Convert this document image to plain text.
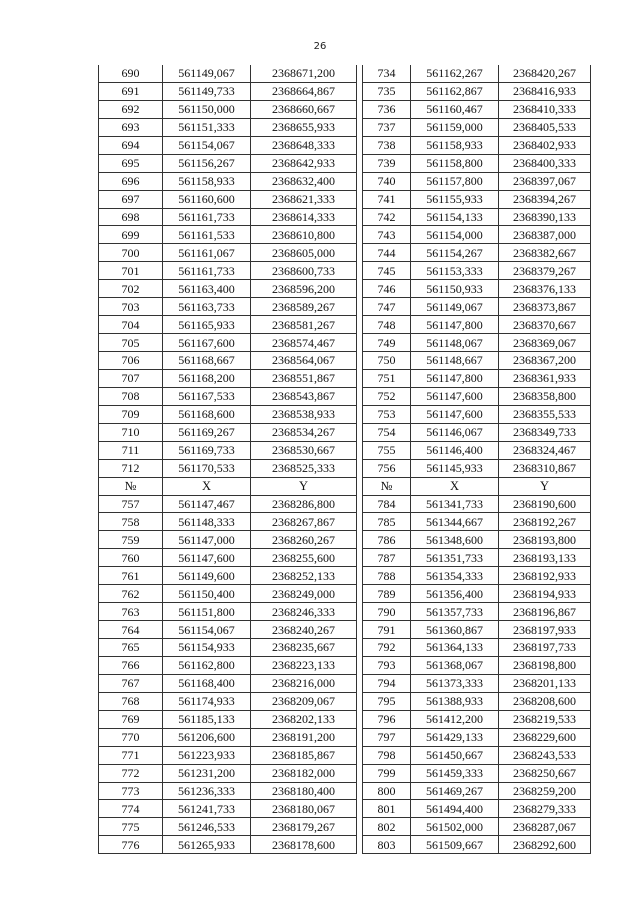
26
690	561149,067	2368671,200		734	561162,267	2368420,267
691	561149,733	2368664,867		735	561162,867	2368416,933
692	561150,000	2368660,667		736	561160,467	2368410,333
693	561151,333	2368655,933		737	561159,000	2368405,533
694	561154,067	2368648,333		738	561158,933	2368402,933
695	561156,267	2368642,933		739	561158,800	2368400,333
696	561158,933	2368632,400		740	561157,800	2368397,067
697	561160,600	2368621,333		741	561155,933	2368394,267
698	561161,733	2368614,333		742	561154,133	2368390,133
699	561161,533	2368610,800		743	561154,000	2368387,000
700	561161,067	2368605,000		744	561154,267	2368382,667
701	561161,733	2368600,733		745	561153,333	2368379,267
702	561163,400	2368596,200		746	561150,933	2368376,133
703	561163,733	2368589,267		747	561149,067	2368373,867
704	561165,933	2368581,267		748	561147,800	2368370,667
705	561167,600	2368574,467		749	561148,067	2368369,067
706	561168,667	2368564,067		750	561148,667	2368367,200
707	561168,200	2368551,867		751	561147,800	2368361,933
708	561167,533	2368543,867		752	561147,600	2368358,800
709	561168,600	2368538,933		753	561147,600	2368355,533
710	561169,267	2368534,267		754	561146,067	2368349,733
711	561169,733	2368530,667		755	561146,400	2368324,467
712	561170,533	2368525,333		756	561145,933	2368310,867
№	X	Y		№	X	Y
757	561147,467	2368286,800		784	561341,733	2368190,600
758	561148,333	2368267,867		785	561344,667	2368192,267
759	561147,000	2368260,267		786	561348,600	2368193,800
760	561147,600	2368255,600		787	561351,733	2368193,133
761	561149,600	2368252,133		788	561354,333	2368192,933
762	561150,400	2368249,000		789	561356,400	2368194,933
763	561151,800	2368246,333		790	561357,733	2368196,867
764	561154,067	2368240,267		791	561360,867	2368197,933
765	561154,933	2368235,667		792	561364,133	2368197,733
766	561162,800	2368223,133		793	561368,067	2368198,800
767	561168,400	2368216,000		794	561373,333	2368201,133
768	561174,933	2368209,067		795	561388,933	2368208,600
769	561185,133	2368202,133		796	561412,200	2368219,533
770	561206,600	2368191,200		797	561429,133	2368229,600
771	561223,933	2368185,867		798	561450,667	2368243,533
772	561231,200	2368182,000		799	561459,333	2368250,667
773	561236,333	2368180,400		800	561469,267	2368259,200
774	561241,733	2368180,067		801	561494,400	2368279,333
775	561246,533	2368179,267		802	561502,000	2368287,067
776	561265,933	2368178,600		803	561509,667	2368292,600
